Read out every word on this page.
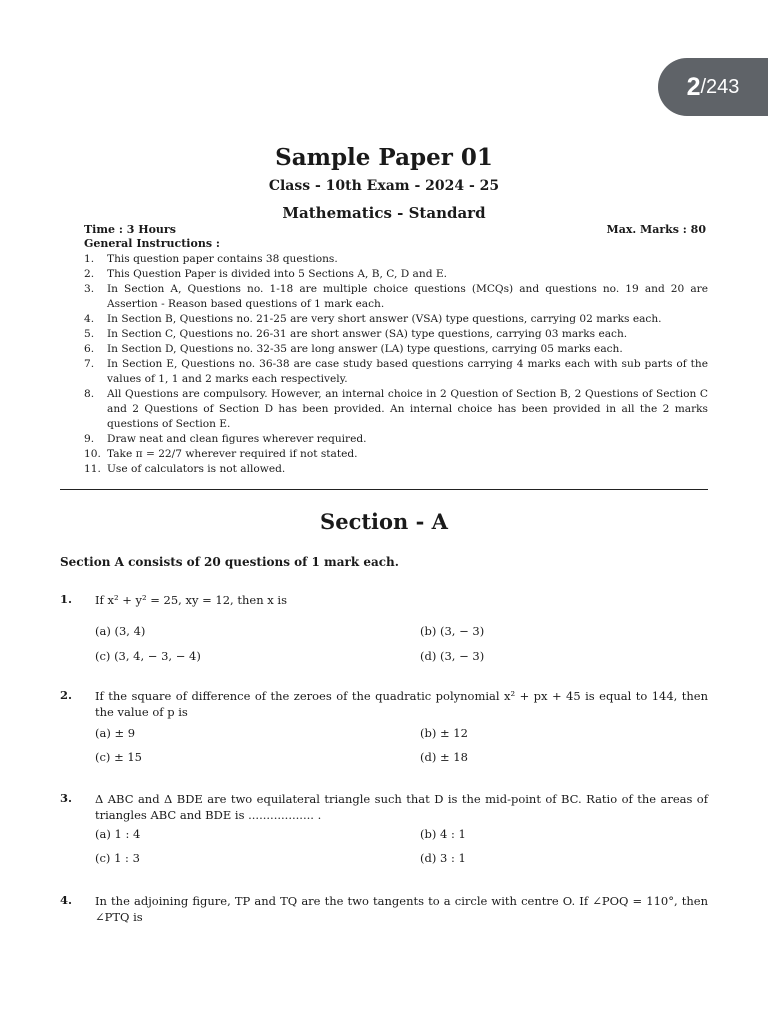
2 /243
Sample Paper 01
Class - 10th Exam - 2024 - 25
Mathematics - Standard
Time : 3 Hours	Max. Marks : 80
General Instructions :
1.	This question paper contains 38 questions.
2.	This Question Paper is divided into 5 Sections A, B, C, D and E.
3.	In Section A, Questions no. 1-18 are multiple choice questions (MCQs) and questions no. 19 and 20 are Assertion - Reason based questions of 1 mark each.
4.	In Section B, Questions no. 21-25 are very short answer (VSA) type questions, carrying 02 marks each.
5.	In Section C, Questions no. 26-31 are short answer (SA) type questions, carrying 03 marks each.
6.	In Section D, Questions no. 32-35 are long answer (LA) type questions, carrying 05 marks each.
7.	In Section E, Questions no. 36-38 are case study based questions carrying 4 marks each with sub parts of the values of 1, 1 and 2 marks each respectively.
8.	All Questions are compulsory. However, an internal choice in 2 Question of Section B, 2 Questions of Section C and 2 Questions of Section D has been provided. An internal choice has been provided in all the 2 marks questions of Section E.
9.	Draw neat and clean figures wherever required.
10. Take π = 22/7 wherever required if not stated.
11. Use of calculators is not allowed.
Section - A
Section A consists of 20 questions of 1 mark each.
1. If x² + y² = 25, xy = 12, then x is
(a) (3, 4)	(b) (3, − 3)
(c) (3, 4, − 3, − 4)	(d) (3, − 3)
2. If the square of difference of the zeroes of the quadratic polynomial x² + px + 45 is equal to 144, then the value of p is
(a) ± 9	(b) ± 12
(c) ± 15	(d) ± 18
3. Δ ABC and Δ BDE are two equilateral triangle such that D is the mid-point of BC. Ratio of the areas of triangles ABC and BDE is .................. .
(a) 1 : 4	(b) 4 : 1
(c) 1 : 3	(d) 3 : 1
4. In the adjoining figure, TP and TQ are the two tangents to a circle with centre O. If ∠POQ = 110°, then ∠PTQ is
